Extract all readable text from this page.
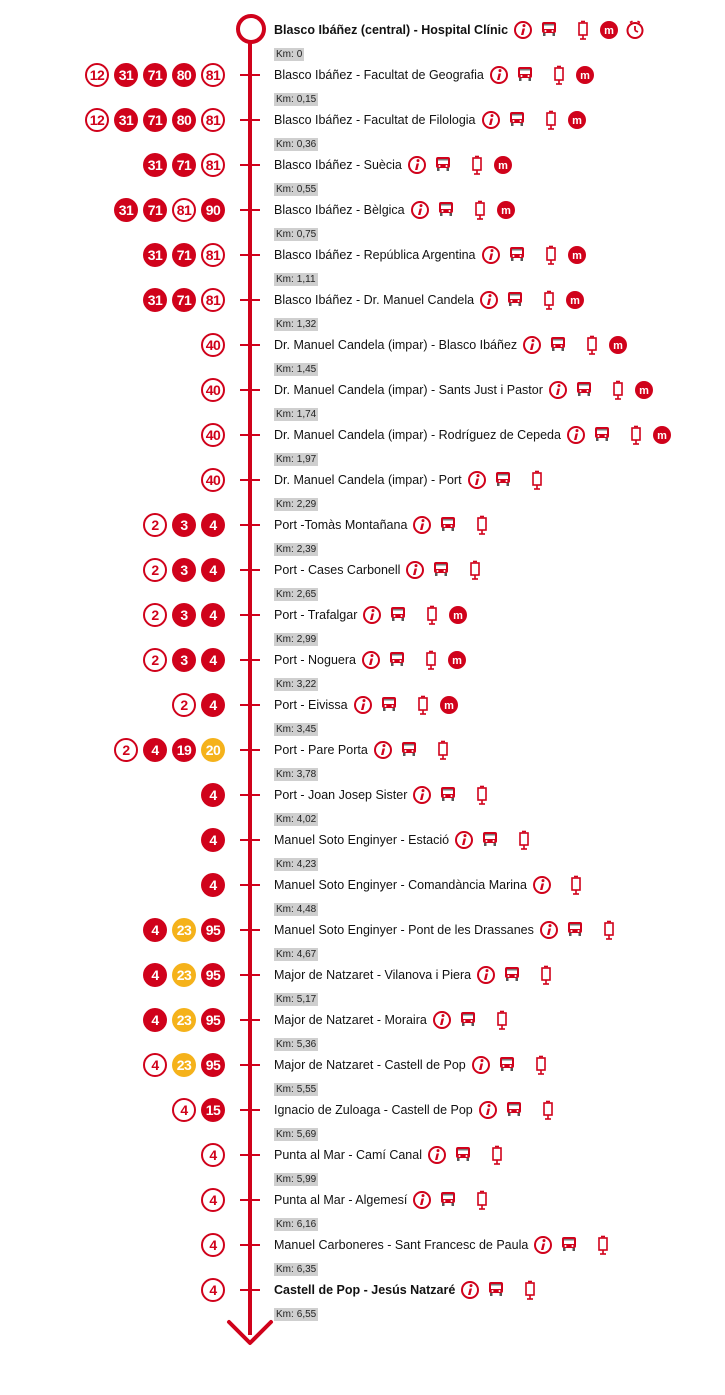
Blasco Ibáñez (central) - Hospital Clínic	m
Km: 0
12	31	71	80	81	Blasco Ibáñez - Facultat de Geografia	m
Km: 0,15
12	31	71	80	81	Blasco Ibáñez - Facultat de Filologia	m
Km: 0,36
31	71	81	Blasco Ibáñez - Suècia	m
Km: 0,55
31	71	81	90	Blasco Ibáñez - Bèlgica	m
Km: 0,75
31	71	81	Blasco Ibáñez - República Argentina	m
Km: 1,11
31	71	81	Blasco Ibáñez - Dr. Manuel Candela	m
Km: 1,32
40	Dr. Manuel Candela (impar) - Blasco Ibáñez	m
Km: 1,45
40	Dr. Manuel Candela (impar) - Sants Just i Pastor	m
Km: 1,74
40	Dr. Manuel Candela (impar) - Rodríguez de Cepeda	m
Km: 1,97
40	Dr. Manuel Candela (impar) - Port
Km: 2,29
2	3	4	Port -Tomàs Montañana
Km: 2,39
2	3	4	Port - Cases Carbonell
Km: 2,65
2	3	4	Port - Trafalgar	m
Km: 2,99
2	3	4	Port - Noguera	m
Km: 3,22
2	4	Port - Eivissa	m
Km: 3,45
2	4	19	20	Port - Pare Porta
Km: 3,78
4	Port - Joan Josep Sister
Km: 4,02
4	Manuel Soto Enginyer - Estació
Km: 4,23
4	Manuel Soto Enginyer - Comandància Marina
Km: 4,48
4	23	95	Manuel Soto Enginyer - Pont de les Drassanes
Km: 4,67
4	23	95	Major de Natzaret - Vilanova i Piera
Km: 5,17
4	23	95	Major de Natzaret - Moraira
Km: 5,36
4	23	95	Major de Natzaret - Castell de Pop
Km: 5,55
4	15	Ignacio de Zuloaga - Castell de Pop
Km: 5,69
4	Punta al Mar - Camí Canal
Km: 5,99
4	Punta al Mar - Algemesí
Km: 6,16
4	Manuel Carboneres - Sant Francesc de Paula
Km: 6,35
4	Castell de Pop - Jesús Natzaré
Km: 6,55
